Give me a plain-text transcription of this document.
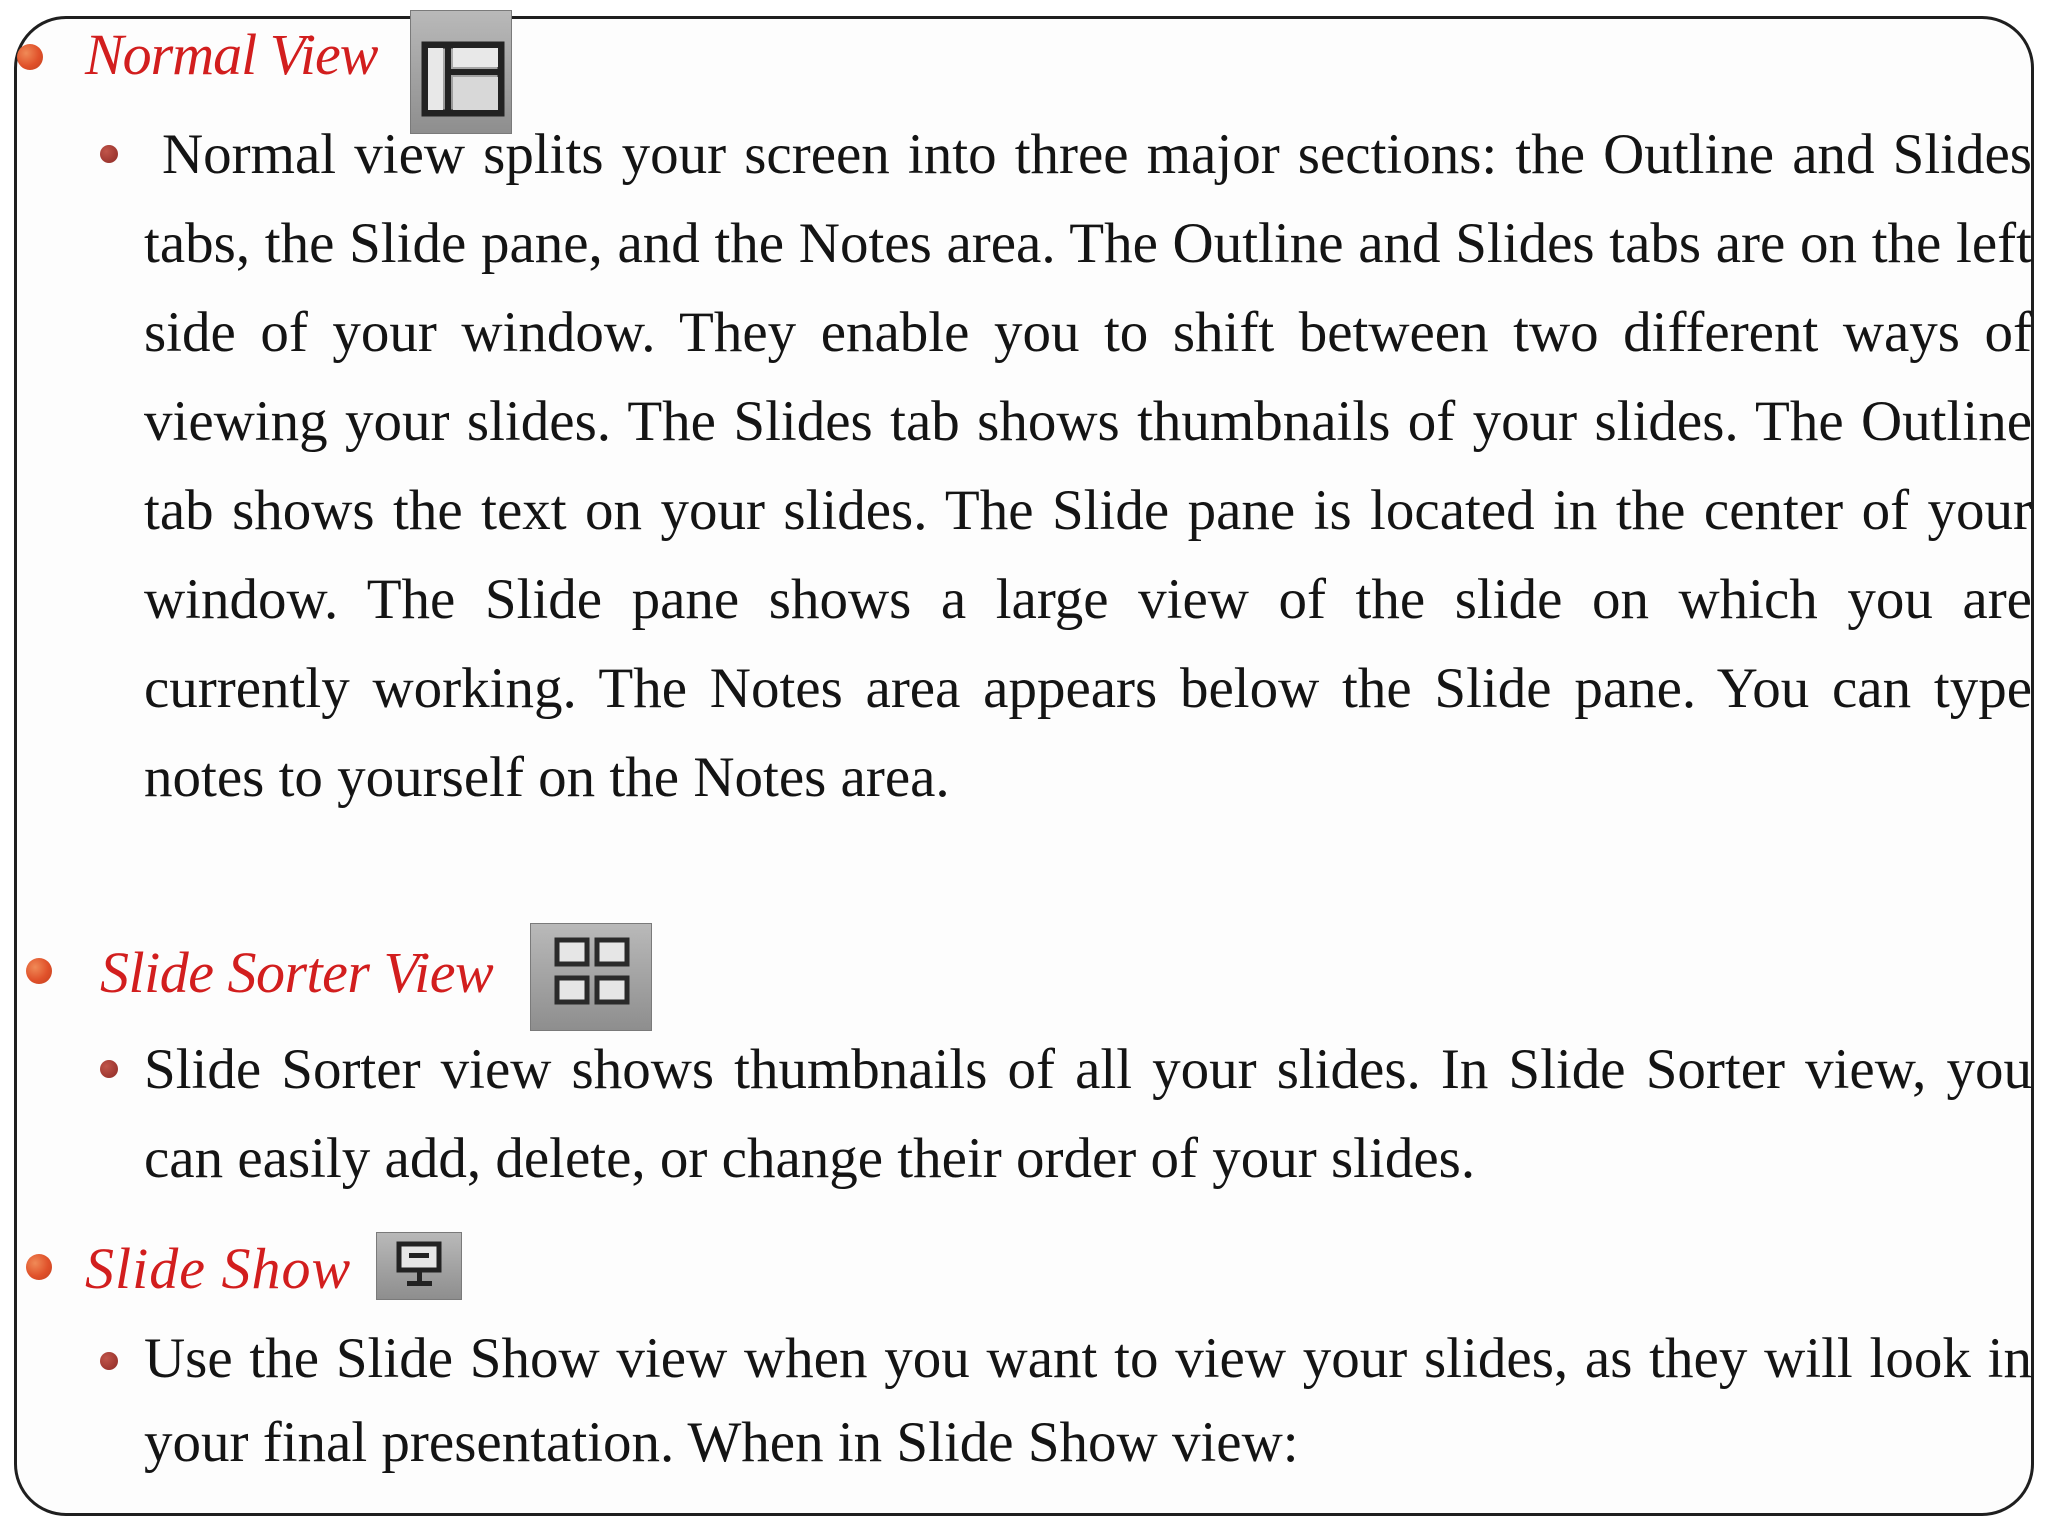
Normal View
Normal view splits your screen into three major sections: the Outline and Slides tabs, the Slide pane, and the Notes area. The Outline and Slides tabs are on the left side of your window. They enable you to shift between two different ways of viewing your slides. The Slides tab shows thumbnails of your slides. The Outline tab shows the text on your slides. The Slide pane is located in the center of your window. The Slide pane shows a large view of the slide on which you are currently working. The Notes area appears below the Slide pane. You can type notes to yourself on the Notes area.
Slide Sorter View
Slide Sorter view shows thumbnails of all your slides. In Slide Sorter view, you can easily add, delete, or change their order of your slides.
Slide Show
Use the Slide Show view when you want to view your slides, as they will look in your final presentation. When in Slide Show view:
